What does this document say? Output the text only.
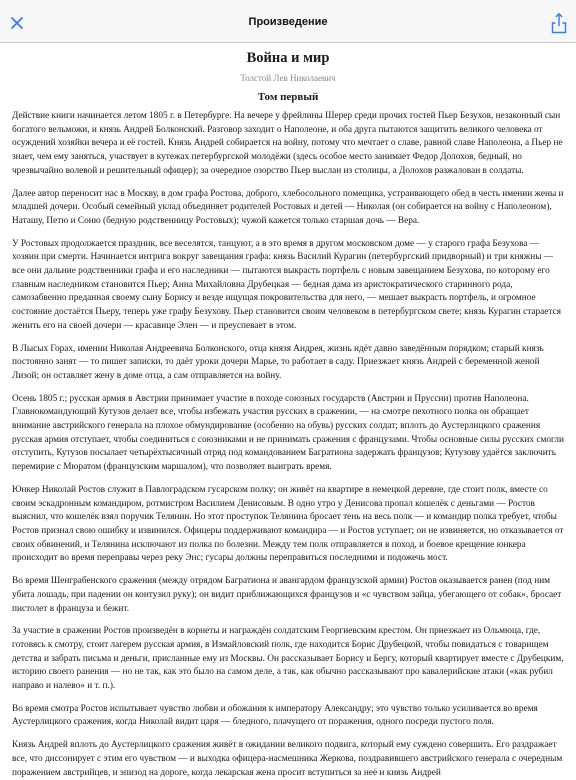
Произведение
Война и мир
Толстой Лев Николаевич
Том первый

Действие книги начинается летом 1805 г. в Петербурге. На вечере у фрейлины Шерер среди прочих гостей Пьер Безухов, незаконный сын богатого вельможи, и князь Андрей Болконский. Разговор заходит о Наполеоне, и оба друга пытаются защитить великого человека от осуждений хозяйки вечера и её гостей. Князь Андрей собирается на войну, потому что мечтает о славе, равной славе Наполеона, а Пьер не знает, чем ему заняться, участвует в кутежах петербургской молодёжи (здесь особое место занимает Федор Долохов, бедный, но чрезвычайно волевой и решительный офицер); за очередное озорство Пьер выслан из столицы, а Долохов разжалован в солдаты.

Далее автор переносит нас в Москву, в дом графа Ростова, доброго, хлебосольного помещика, устраивающего обед в честь имении жены и младшей дочери. Особый семейный уклад объединяет родителей Ростовых и детей — Николая (он собирается на войну с Наполеоном), Наташу, Петю и Соню (бедную родственницу Ростовых); чужой кажется только старшая дочь — Вера.

У Ростовых продолжается праздник, все веселятся, танцуют, а в это время в другом московском доме — у старого графа Безухова — хозяин при смерти. Начинается интрига вокруг завещания графа: князь Василий Курагин (петербургский придворный) и три княжны — все они дальние родственники графа и его наследники — пытаются выкрасть портфель с новым завещанием Безухова, по которому его главным наследником становится Пьер; Анна Михайловна Друбецкая — бедная дама из аристократического старинного рода, самозабвенно преданная своему сыну Борису и везде ищущая покровительства для него, — мешает выкрасть портфель, и огромное состояние достаётся Пьеру, теперь уже графу Безухову. Пьер становится своим человеком в петербургском свете; князь Курагин старается женить его на своей дочери — красавице Элен — и преуспевает в этом.

В Лысых Горах, имении Николая Андреевича Болконского, отца князя Андрея, жизнь идёт давно заведённым порядком; старый князь постоянно занят — то пишет записки, то даёт уроки дочери Марье, то работает в саду. Приезжает князь Андрей с беременной женой Лизой; он оставляет жену в доме отца, а сам отправляется на войну.

Осень 1805 г.; русская армия в Австрии принимает участие в походе союзных государств (Австрии и Пруссии) против Наполеона. Главнокомандующий Кутузов делает все, чтобы избежать участия русских в сражении, — на смотре пехотного полка он обращает внимание австрийского генерала на плохое обмундирование (особенно на обувь) русских солдат; вплоть до Аустерлицкого сражения русская армия отступает, чтобы соединиться с союзниками и не принимать сражения с французами. Чтобы основные силы русских смогли отступить, Кутузов посылает четырёхтысячный отряд под командованием Багратиона задержать французов; Кутузову удаётся заключить перемирие с Мюратом (французским маршалом), что позволяет выиграть время.

Юнкер Николай Ростов служит в Павлоградском гусарском полку; он живёт на квартире в немецкой деревне, где стоит полк, вместе со своим эскадронным командиром, ротмистром Василием Денисовым. В одно утро у Денисова пропал кошелёк с деньгами — Ростов выяснил, что кошелёк взял поручик Телянин. Но этот проступок Телянина бросает тень на весь полк — и командир полка требует, чтобы Ростов признал свою ошибку и извинился. Офицеры поддерживают командира — и Ростов уступает; он не извиняется, но отказывается от своих обвинений, и Телянина исключают из полка по болезни. Между тем полк отправляется в поход, и боевое крещение юнкера происходит во время переправы через реку Энс; гусары должны переправиться последними и подожечь мост.

Во время Шенграбенского сражения (между отрядом Багратиона и авангардом французской армии) Ростов оказывается ранен (под ним убита лошадь, при падении он контузил руку); он видит приближающихся французов и «с чувством зайца, убегающего от собак», бросает пистолет в француза и бежит.

За участие в сражении Ростов произведён в корнеты и награждён солдатским Георгиевским крестом. Он приезжает из Ольмюца, где, готовясь к смотру, стоит лагерем русская армия, в Измайловский полк, где находится Борис Друбецкой, чтобы повидаться с товарищем детства и забрать письма и деньги, присланные ему из Москвы. Он рассказывает Борису и Бергу, который квартирует вместе с Друбецким, историю своего ранения — но не так, как это было на самом деле, а так, как обычно рассказывают про кавалерийские атаки («как рубил направо и налево» и т. п.).

Во время смотра Ростов испытывает чувство любви и обожания к императору Александру; это чувство только усиливается во время Аустерлицкого сражения, когда Николай видит царя — бледного, плачущего от поражения, одного посреди пустого поля.

Князь Андрей вплоть до Аустерлицкого сражения живёт в ожидании великого подвига, который ему суждено совершить. Его раздражает все, что диссонирует с этим его чувством — и выходка офицера-насмешника Жеркова, поздравившего австрийского генерала с очередным поражением австрийцев, и эпизод на дороге, когда лекарская жена просит вступиться за неё и князь Андрей
